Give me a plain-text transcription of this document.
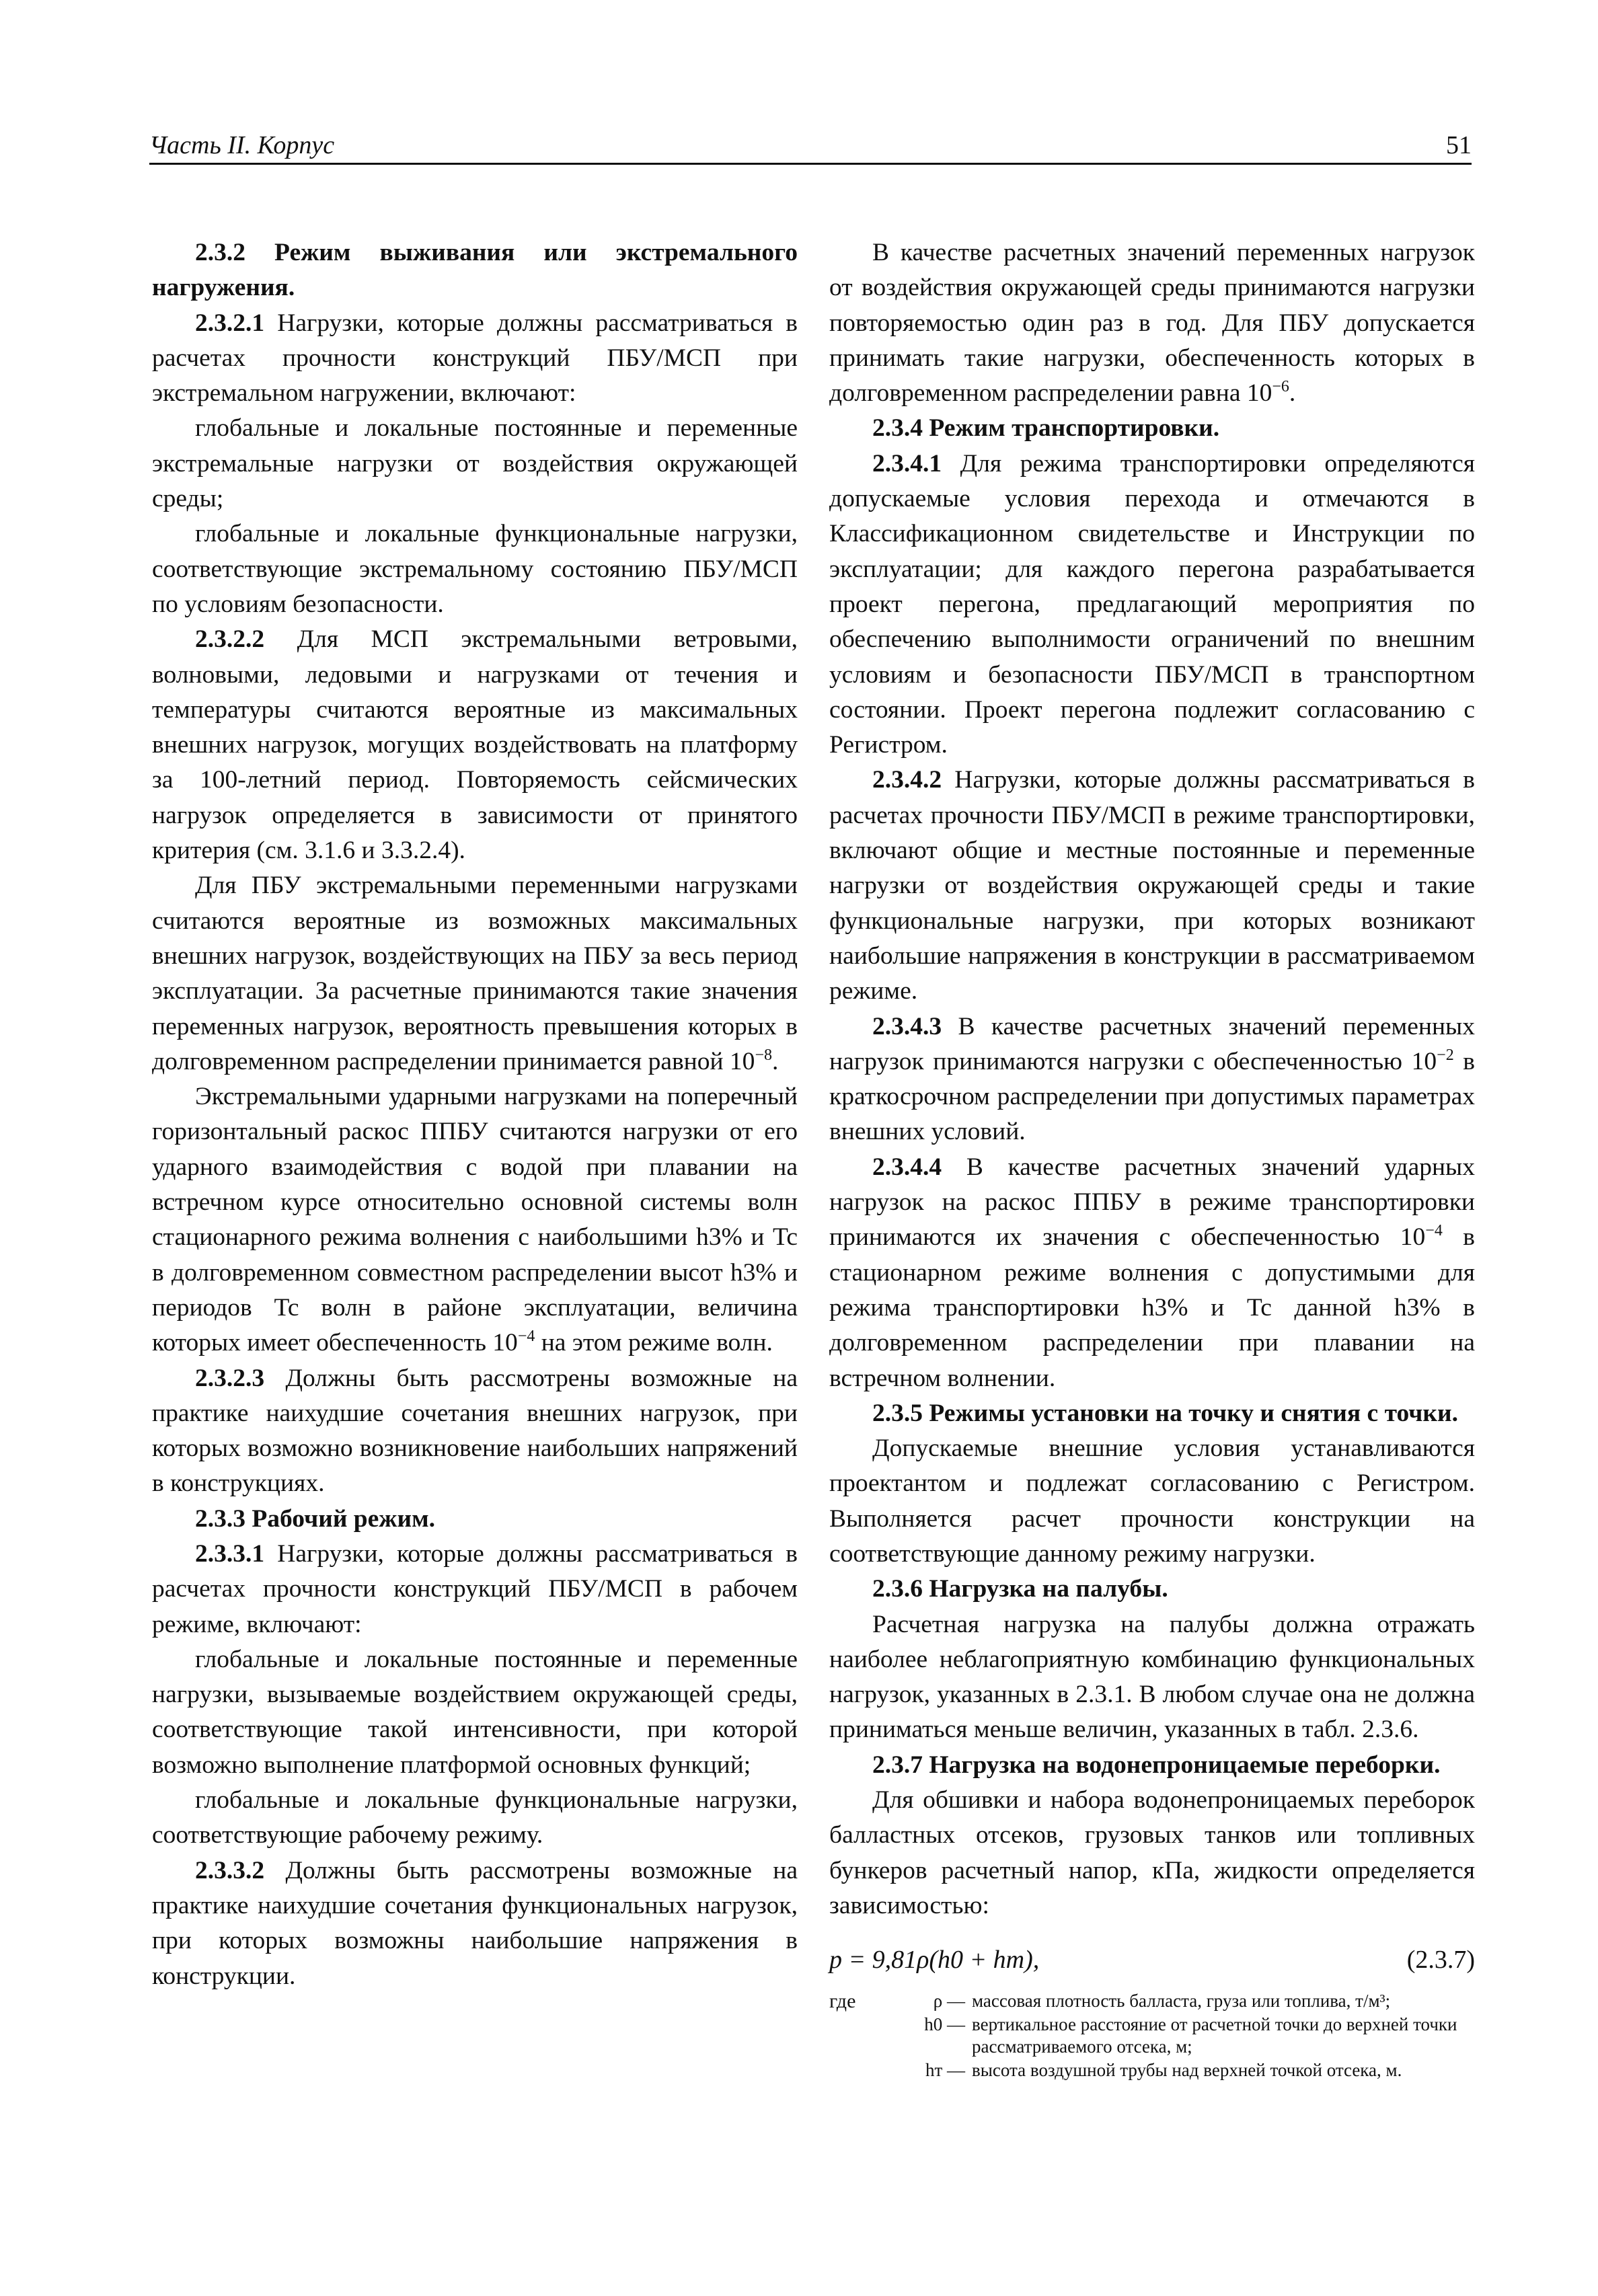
Часть II. Корпус	51

2.3.2 Режим выживания или экстремального нагружения.

2.3.2.1 Нагрузки, которые должны рассматриваться в расчетах прочности конструкций ПБУ/МСП при экстремальном нагружении, включают:

глобальные и локальные постоянные и переменные экстремальные нагрузки от воздействия окружающей среды;

глобальные и локальные функциональные нагрузки, соответствующие экстремальному состоянию ПБУ/МСП по условиям безопасности.

2.3.2.2 Для МСП экстремальными ветровыми, волновыми, ледовыми и нагрузками от течения и температуры считаются вероятные из максимальных внешних нагрузок, могущих воздействовать на платформу за 100-летний период. Повторяемость сейсмических нагрузок определяется в зависимости от принятого критерия (см. 3.1.6 и 3.3.2.4).

Для ПБУ экстремальными переменными нагрузками считаются вероятные из возможных максимальных внешних нагрузок, воздействующих на ПБУ за весь период эксплуатации. За расчетные принимаются такие значения переменных нагрузок, вероятность превышения которых в долговременном распределении принимается равной $10^{-8}$.

Экстремальными ударными нагрузками на поперечный горизонтальный раскос ППБУ считаются нагрузки от его ударного взаимодействия с водой при плавании на встречном курсе относительно основной системы волн стационарного режима волнения с наибольшими h3% и Tc в долговременном совместном распределении высот h3% и периодов Tc волн в районе эксплуатации, величина которых имеет обеспеченность $10^{-4}$ на этом режиме волн.

2.3.2.3 Должны быть рассмотрены возможные на практике наихудшие сочетания внешних нагрузок, при которых возможно возникновение наибольших напряжений в конструкциях.

2.3.3 Рабочий режим.

2.3.3.1 Нагрузки, которые должны рассматриваться в расчетах прочности конструкций ПБУ/МСП в рабочем режиме, включают:

глобальные и локальные постоянные и переменные нагрузки, вызываемые воздействием окружающей среды, соответствующие такой интенсивности, при которой возможно выполнение платформой основных функций;

глобальные и локальные функциональные нагрузки, соответствующие рабочему режиму.

2.3.3.2 Должны быть рассмотрены возможные на практике наихудшие сочетания функциональных нагрузок, при которых возможны наибольшие напряжения в конструкции.

В качестве расчетных значений переменных нагрузок от воздействия окружающей среды принимаются нагрузки повторяемостью один раз в год. Для ПБУ допускается принимать такие нагрузки, обеспеченность которых в долговременном распределении равна $10^{-6}$.

2.3.4 Режим транспортировки.

2.3.4.1 Для режима транспортировки определяются допускаемые условия перехода и отмечаются в Классификационном свидетельстве и Инструкции по эксплуатации; для каждого перегона разрабатывается проект перегона, предлагающий мероприятия по обеспечению выполнимости ограничений по внешним условиям и безопасности ПБУ/МСП в транспортном состоянии. Проект перегона подлежит согласованию с Регистром.

2.3.4.2 Нагрузки, которые должны рассматриваться в расчетах прочности ПБУ/МСП в режиме транспортировки, включают общие и местные постоянные и переменные нагрузки от воздействия окружающей среды и такие функциональные нагрузки, при которых возникают наибольшие напряжения в конструкции в рассматриваемом режиме.

2.3.4.3 В качестве расчетных значений переменных нагрузок принимаются нагрузки с обеспеченностью $10^{-2}$ в краткосрочном распределении при допустимых параметрах внешних условий.

2.3.4.4 В качестве расчетных значений ударных нагрузок на раскос ППБУ в режиме транспортировки принимаются их значения с обеспеченностью $10^{-4}$ в стационарном режиме волнения с допустимыми для режима транспортировки h3% и Tc данной h3% в долговременном распределении при плавании на встречном волнении.

2.3.5 Режимы установки на точку и снятия с точки.

Допускаемые внешние условия устанавливаются проектантом и подлежат согласованию с Регистром. Выполняется расчет прочности конструкции на соответствующие данному режиму нагрузки.

2.3.6 Нагрузка на палубы.

Расчетная нагрузка на палубы должна отражать наиболее неблагоприятную комбинацию функциональных нагрузок, указанных в 2.3.1. В любом случае она не должна приниматься меньше величин, указанных в табл. 2.3.6.

2.3.7 Нагрузка на водонепроницаемые переборки.

Для обшивки и набора водонепроницаемых переборок балластных отсеков, грузовых танков или топливных бункеров расчетный напор, кПа, жидкости определяется зависимостью:

p = 9,81ρ(h0 + hт),	(2.3.7)
где	ρ —	массовая плотность балласта, груза или топлива, т/м³;
	h0 —	вертикальное расстояние от расчетной точки до верхней точки рассматриваемого отсека, м;
	hт —	высота воздушной трубы над верхней точкой отсека, м.
